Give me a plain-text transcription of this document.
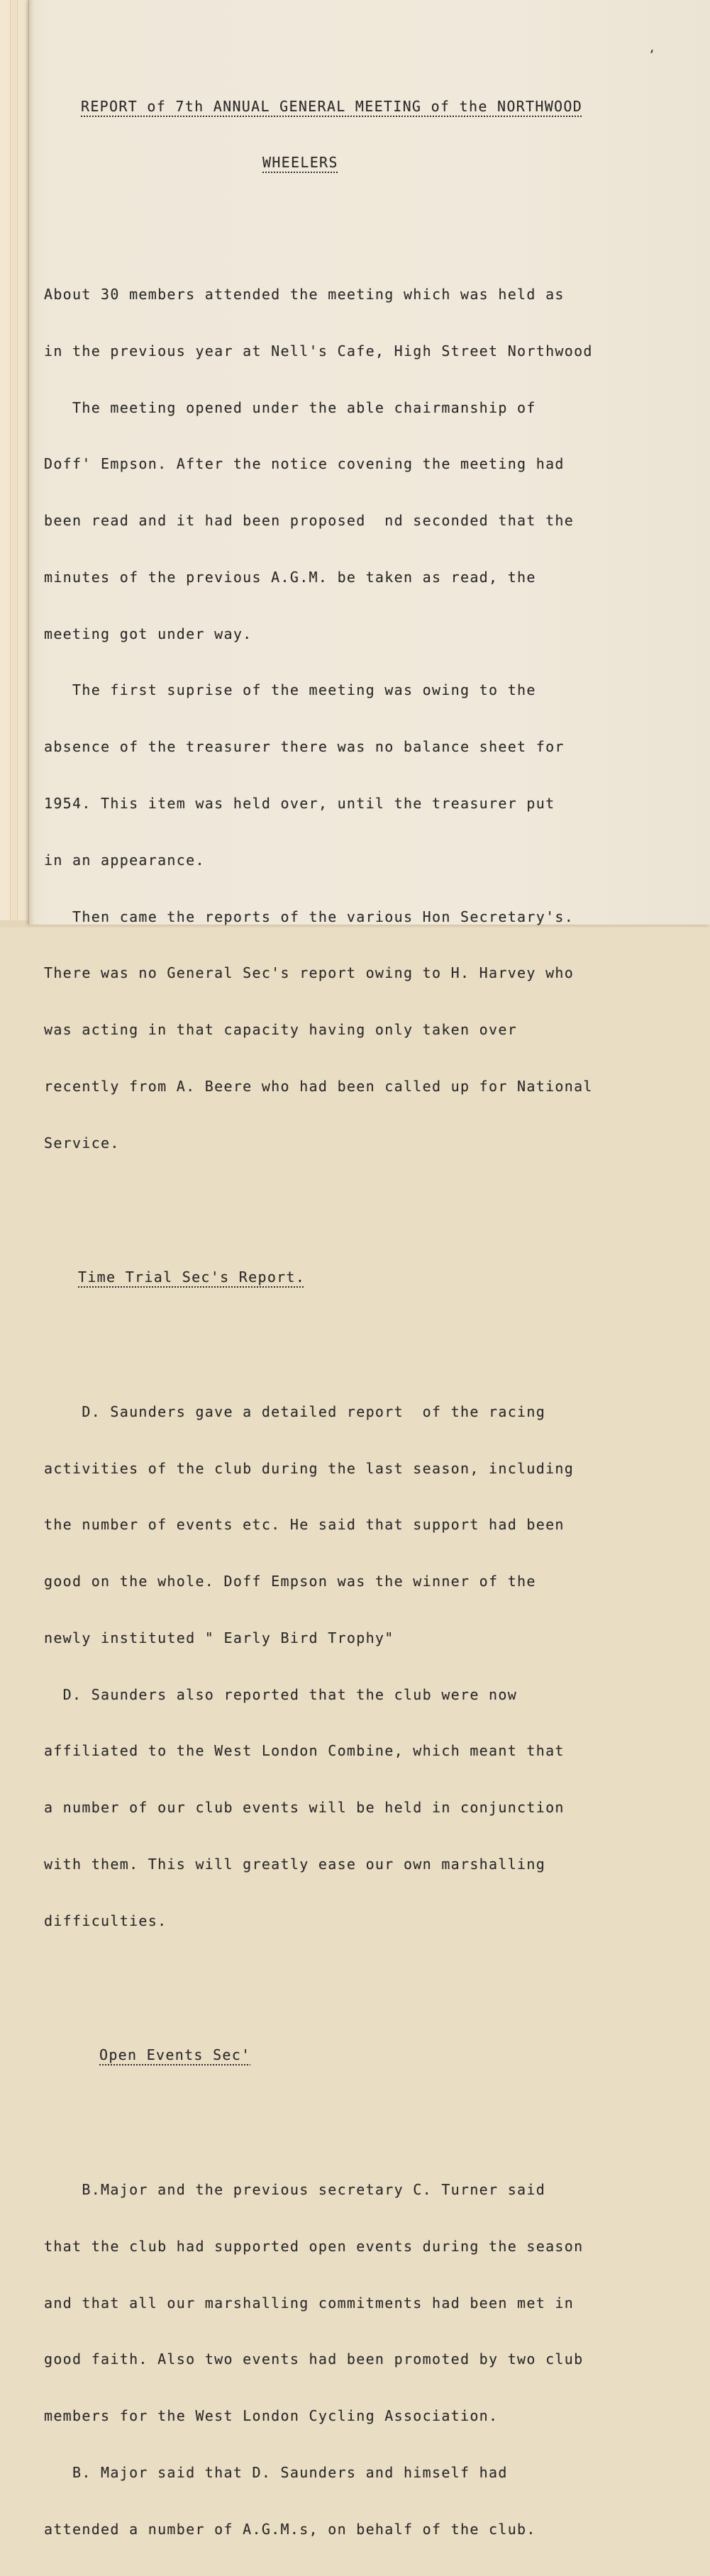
REPORT of 7th ANNUAL GENERAL MEETING of the NORTHWOOD

WHEELERS

About 30 members attended the meeting which was held as

in the previous year at Nell's Cafe, High Street Northwood

The meeting opened under the able chairmanship of

Doff' Empson. After the notice covening the meeting had

been read and it had been proposed  nd seconded that the

minutes of the previous A.G.M. be taken as read, the

meeting got under way.

The first suprise of the meeting was owing to the

absence of the treasurer there was no balance sheet for

1954. This item was held over, until the treasurer put

in an appearance.

Then came the reports of the various Hon Secretary's.

There was no General Sec's report owing to H. Harvey who

was acting in that capacity having only taken over

recently from A. Beere who had been called up for National

Service.

Time Trial Sec's Report.

D. Saunders gave a detailed report  of the racing

activities of the club during the last season, including

the number of events etc. He said that support had been

good on the whole. Doff Empson was the winner of the

newly instituted " Early Bird Trophy"

D. Saunders also reported that the club were now

affiliated to the West London Combine, which meant that

a number of our club events will be held in conjunction

with them. This will greatly ease our own marshalling

difficulties.

Open Events Sec'

B.Major and the previous secretary C. Turner said

that the club had supported open events during the season

and that all our marshalling commitments had been met in

good faith. Also two events had been promoted by two club

members for the West London Cycling Association.

B. Major said that D. Saunders and himself had

attended a number of A.G.M.s, on behalf of the club.
